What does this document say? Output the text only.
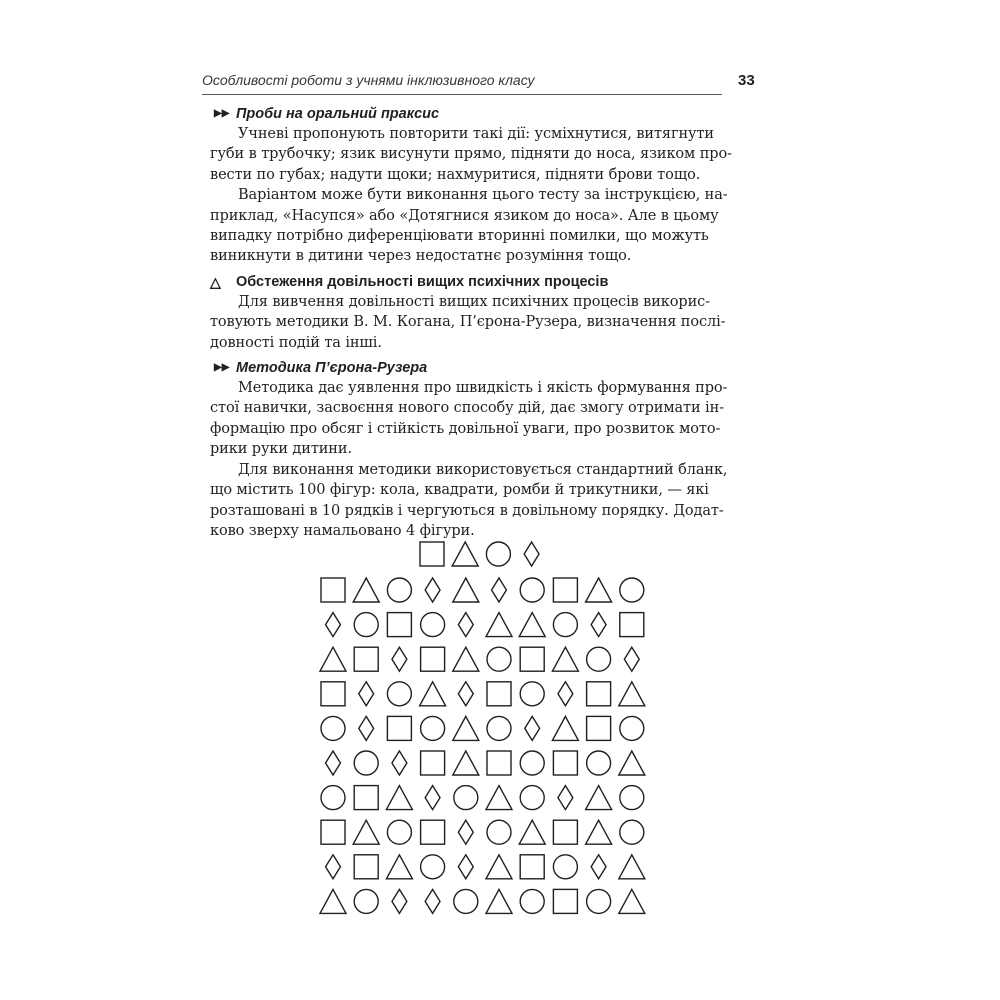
Особливості роботи з учнями інклюзивного класу	33

▶▶ Проби на оральний праксис

Учневі пропонують повторити такі дії: усміхнутися, витягнути
губи в трубочку; язик висунути прямо, підняти до носа, язиком про-
вести по губах; надути щоки; нахмуритися, підняти брови тощо.

Варіантом може бути виконання цього тесту за інструкцією, на-
приклад, «Насупся» або «Дотягнися язиком до носа». Але в цьому
випадку потрібно диференціювати вторинні помилки, що можуть
виникнути в дитини через недостатнє розуміння тощо.

△	Обстеження довільності вищих психічних процесів

Для вивчення довільності вищих психічних процесів викорис-
товують методики В. М. Когана, П’єрона-Рузера, визначення послі-
довності подій та інші.

▶▶ Методика П’єрона-Рузера

Методика дає уявлення про швидкість і якість формування про-
стої навички, засвоєння нового способу дій, дає змогу отримати ін-
формацію про обсяг і стійкість довільної уваги, про розвиток мото-
рики руки дитини.

Для виконання методики використовується стандартний бланк,
що містить 100 фігур: кола, квадрати, ромби й трикутники, — які
розташовані в 10 рядків і чергуються в довільному порядку. Додат-
ково зверху намальовано 4 фігури.
